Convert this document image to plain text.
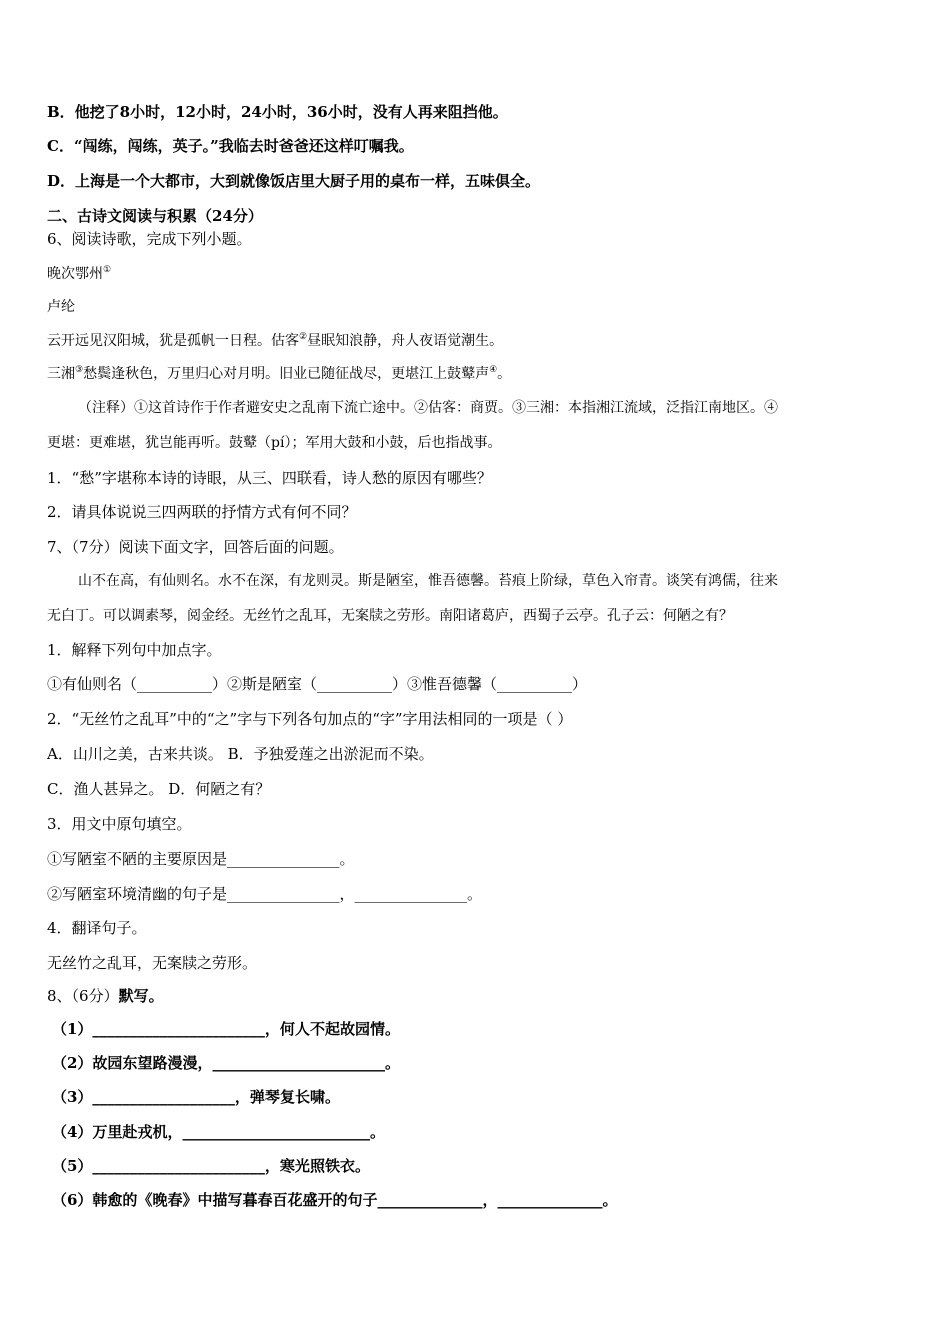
B．他挖了8小时，12小时，24小时，36小时，没有人再来阻挡他。
C．“闯练，闯练，英子。”我临去时爸爸还这样叮嘱我。
D．上海是一个大都市，大到就像饭店里大厨子用的桌布一样，五味俱全。
二、古诗文阅读与积累（24分）
6、阅读诗歌，完成下列小题。
晚次鄂州①
卢纶
云开远见汉阳城，犹是孤帆一日程。估客②昼眠知浪静，舟人夜语觉潮生。
三湘③愁鬓逢秋色，万里归心对月明。旧业已随征战尽，更堪江上鼓鼙声④。
（注释）①这首诗作于作者避安史之乱南下流亡途中。②估客：商贾。③三湘：本指湘江流域，泛指江南地区。④
更堪：更难堪，犹岂能再听。鼓鼙（pí）；军用大鼓和小鼓，后也指战事。
1．“愁”字堪称本诗的诗眼，从三、四联看，诗人愁的原因有哪些？
2．请具体说说三四两联的抒情方式有何不同？
7、（7分）阅读下面文字，回答后面的问题。
山不在高，有仙则名。水不在深，有龙则灵。斯是陋室，惟吾德馨。苔痕上阶绿，草色入帘青。谈笑有鸿儒，往来
无白丁。可以调素琴，阅金经。无丝竹之乱耳，无案牍之劳形。南阳诸葛庐，西蜀子云亭。孔子云：何陋之有？
1．解释下列句中加点字。
①有仙则名（__________）②斯是陋室（__________）③惟吾德馨（__________）
2．“无丝竹之乱耳”中的“之”字与下列各句加点的“字”字用法相同的一项是（ ）
A．山川之美，古来共谈。 B．予独爱莲之出淤泥而不染。
C．渔人甚异之。 D．何陋之有？
3．用文中原句填空。
①写陋室不陋的主要原因是_______________。
②写陋室环境清幽的句子是_______________，_______________。
4．翻译句子。
无丝竹之乱耳，无案牍之劳形。
8、（6分）默写。
（1）_______________________，何人不起故园情。
（2）故园东望路漫漫，_______________________。
（3）___________________，弹琴复长啸。
（4）万里赴戎机，_________________________。
（5）_______________________，寒光照铁衣。
（6）韩愈的《晚春》中描写暮春百花盛开的句子______________，______________。
